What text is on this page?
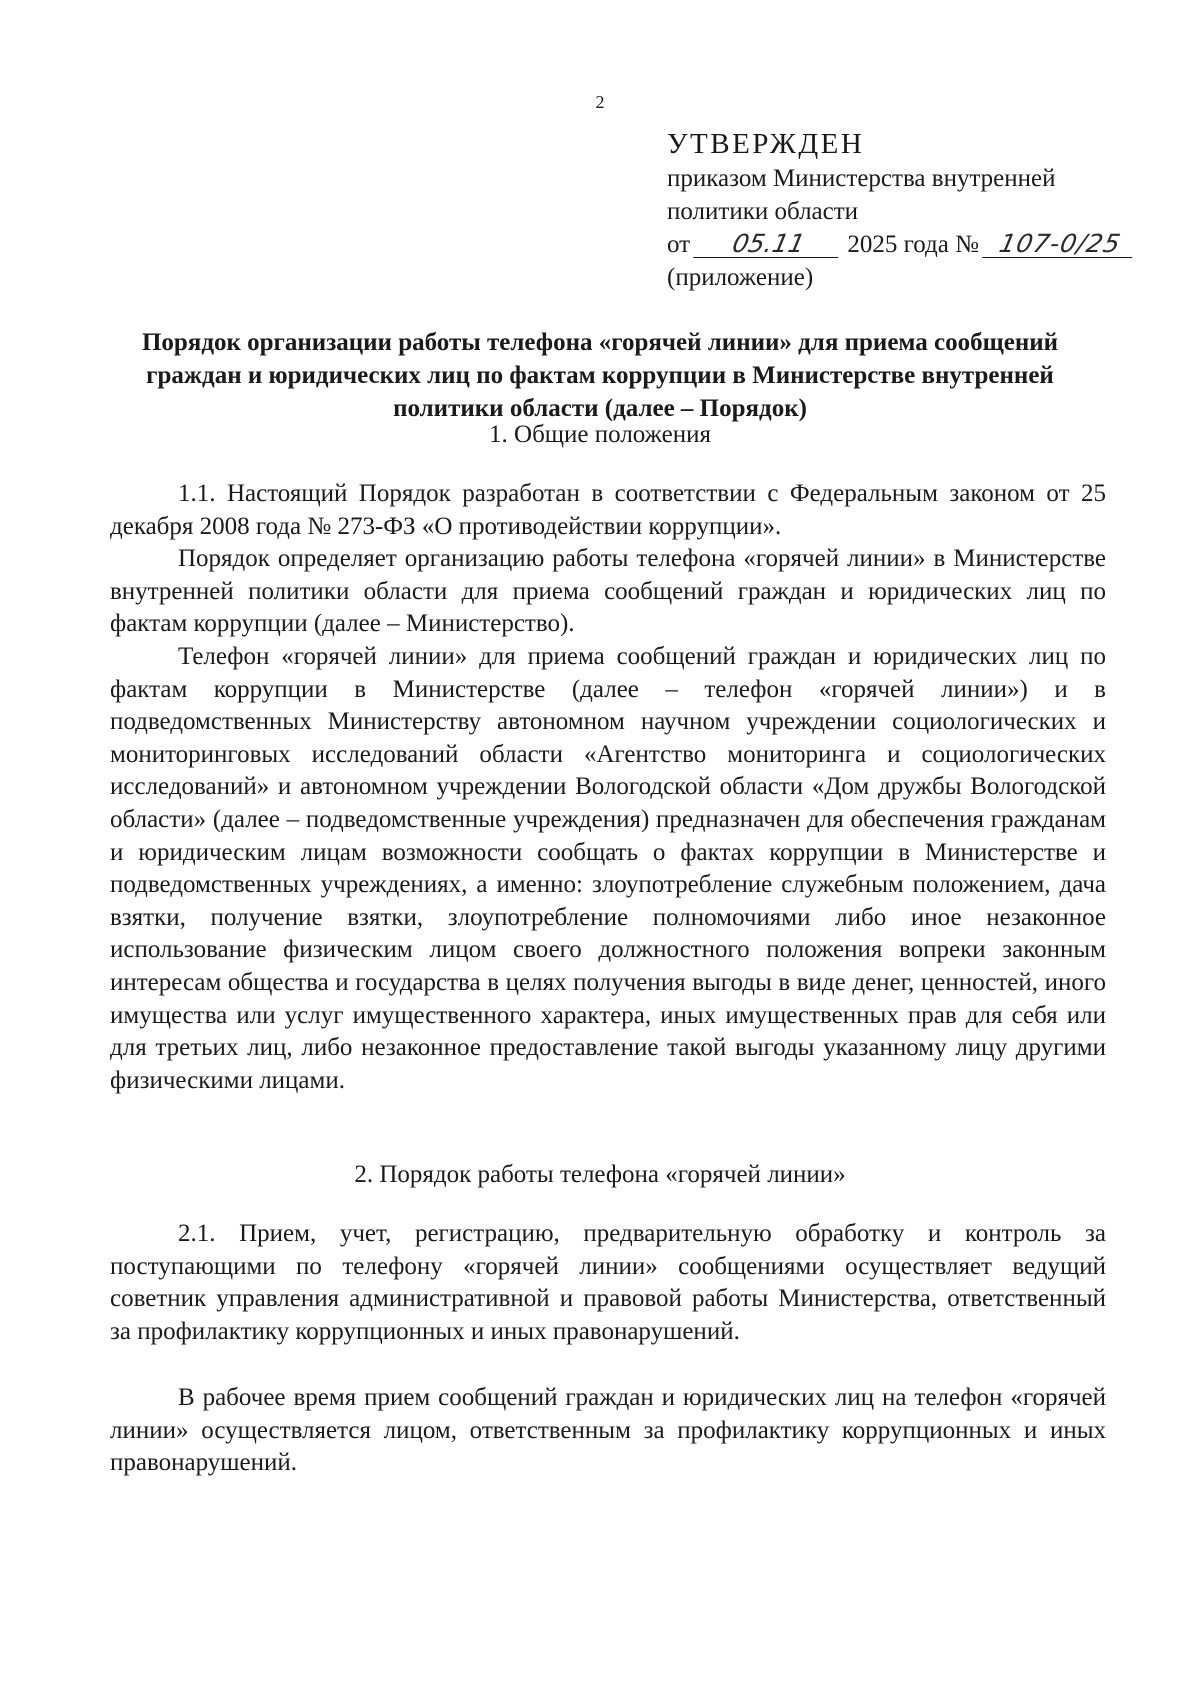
2
УТВЕРЖДЕН
приказом Министерства внутренней
политики области
от 05.11 2025 года № 107-0/25
(приложение)
Порядок организации работы телефона «горячей линии» для приема сообщений граждан и юридических лиц по фактам коррупции в Министерстве внутренней политики области (далее – Порядок)
1. Общие положения

1.1. Настоящий Порядок разработан в соответствии с Федеральным законом от 25 декабря 2008 года № 273-ФЗ «О противодействии коррупции».

Порядок определяет организацию работы телефона «горячей линии» в Министерстве внутренней политики области для приема сообщений граждан и юридических лиц по фактам коррупции (далее – Министерство).

Телефон «горячей линии» для приема сообщений граждан и юридических лиц по фактам коррупции в Министерстве (далее – телефон «горячей линии») и в подведомственных Министерству автономном научном учреждении социологических и мониторинговых исследований области «Агентство мониторинга и социологических исследований» и автономном учреждении Вологодской области «Дом дружбы Вологодской области» (далее – подведомственные учреждения) предназначен для обеспечения гражданам и юридическим лицам возможности сообщать о фактах коррупции в Министерстве и подведомственных учреждениях, а именно: злоупотребление служебным положением, дача взятки, получение взятки, злоупотребление полномочиями либо иное незаконное использование физическим лицом своего должностного положения вопреки законным интересам общества и государства в целях получения выгоды в виде денег, ценностей, иного имущества или услуг имущественного характера, иных имущественных прав для себя или для третьих лиц, либо незаконное предоставление такой выгоды указанному лицу другими физическими лицами.

2. Порядок работы телефона «горячей линии»

2.1. Прием, учет, регистрацию, предварительную обработку и контроль за поступающими по телефону «горячей линии» сообщениями осуществляет ведущий советник управления административной и правовой работы Министерства, ответственный за профилактику коррупционных и иных правонарушений.

В рабочее время прием сообщений граждан и юридических лиц на телефон «горячей линии» осуществляется лицом, ответственным за профилактику коррупционных и иных правонарушений.
